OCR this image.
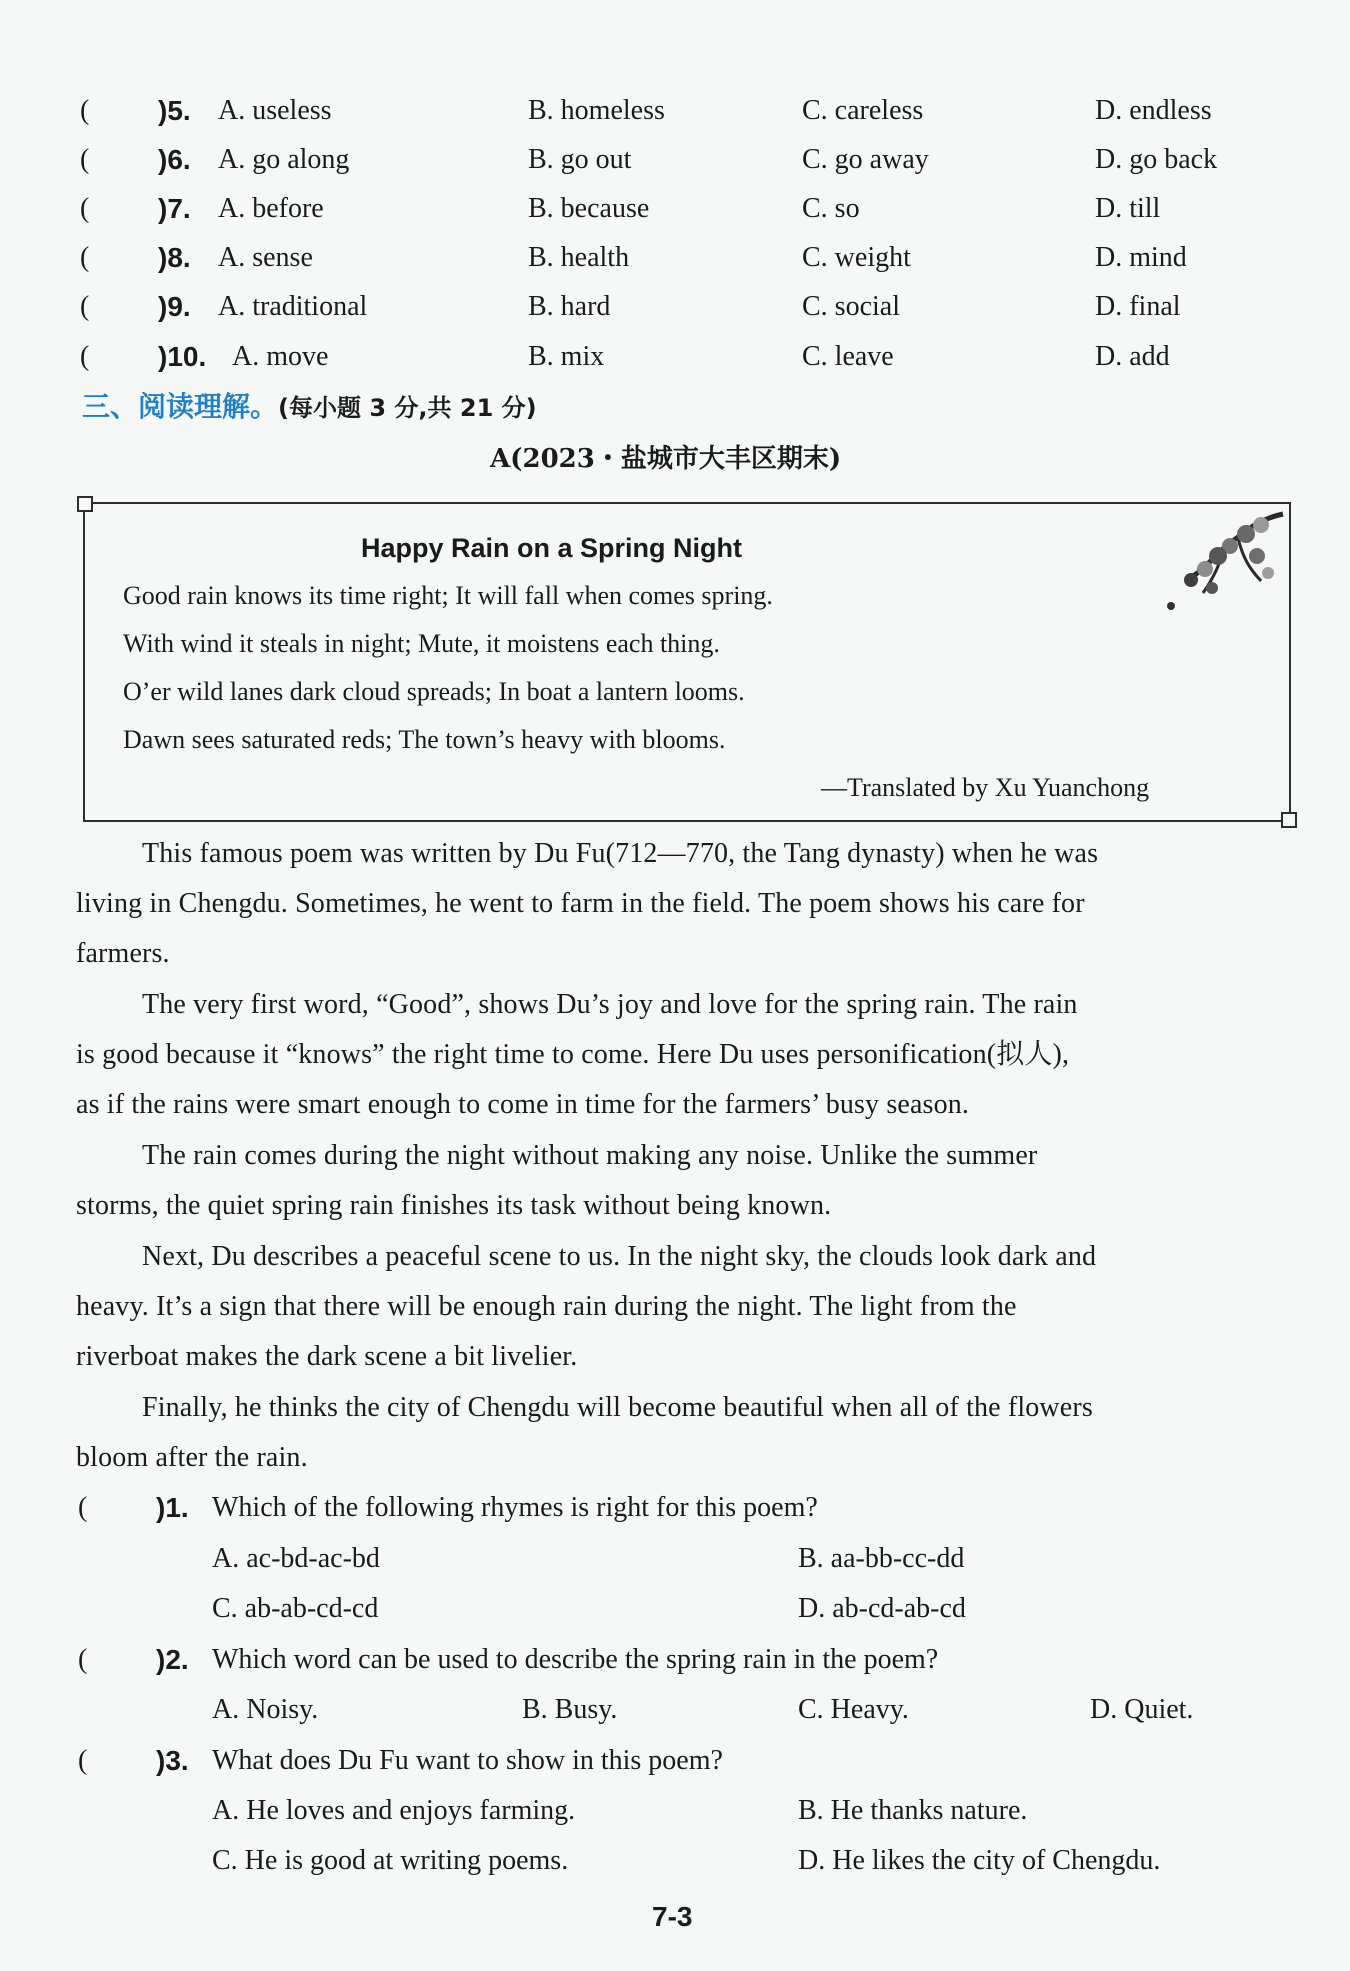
( )5. A. useless	B. homeless	C. careless	D. endless
( )6. A. go along	B. go out	C. go away	D. go back
( )7. A. before	B. because	C. so	D. till
( )8. A. sense	B. health	C. weight	D. mind
( )9. A. traditional	B. hard	C. social	D. final
( )10. A. move	B. mix	C. leave	D. add
三、阅读理解。(每小题 3 分,共 21 分)
A(2023・盐城市大丰区期末)
Happy Rain on a Spring Night
Good rain knows its time right; It will fall when comes spring.
With wind it steals in night; Mute, it moistens each thing.
O’er wild lanes dark cloud spreads; In boat a lantern looms.
Dawn sees saturated reds; The town’s heavy with blooms.
—Translated by Xu Yuanchong
This famous poem was written by Du Fu(712—770, the Tang dynasty) when he was
living in Chengdu. Sometimes, he went to farm in the field. The poem shows his care for
farmers.
The very first word, “Good”, shows Du’s joy and love for the spring rain. The rain
is good because it “knows” the right time to come. Here Du uses personification(拟人),
as if the rains were smart enough to come in time for the farmers’ busy season.
The rain comes during the night without making any noise. Unlike the summer
storms, the quiet spring rain finishes its task without being known.
Next, Du describes a peaceful scene to us. In the night sky, the clouds look dark and
heavy. It’s a sign that there will be enough rain during the night. The light from the
riverboat makes the dark scene a bit livelier.
Finally, he thinks the city of Chengdu will become beautiful when all of the flowers
bloom after the rain.
( )1. Which of the following rhymes is right for this poem?
A. ac-bd-ac-bd	B. aa-bb-cc-dd
C. ab-ab-cd-cd	D. ab-cd-ab-cd
( )2. Which word can be used to describe the spring rain in the poem?
A. Noisy.	B. Busy.	C. Heavy.	D. Quiet.
( )3. What does Du Fu want to show in this poem?
A. He loves and enjoys farming.	B. He thanks nature.
C. He is good at writing poems.	D. He likes the city of Chengdu.
7-3
